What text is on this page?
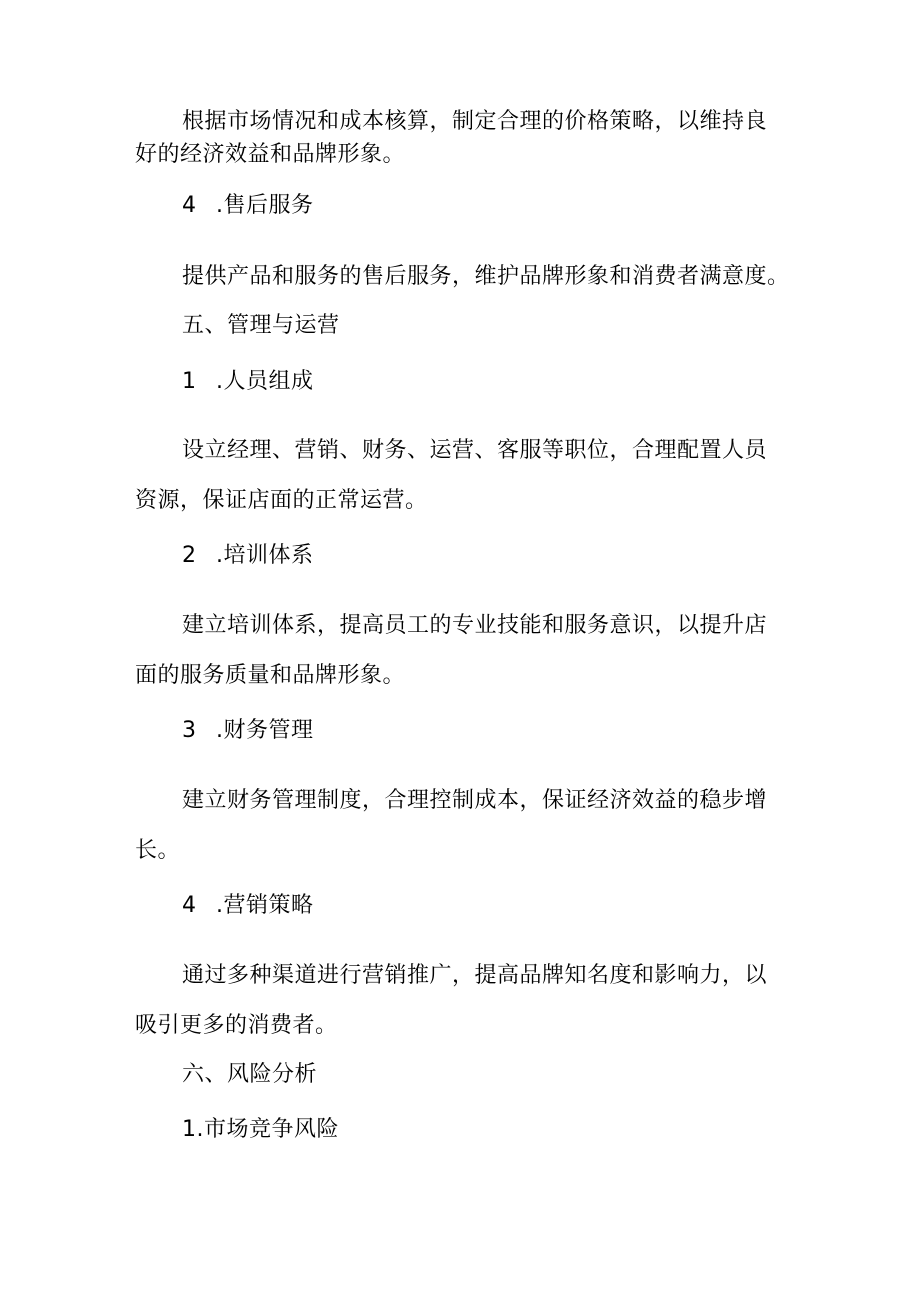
根据市场情况和成本核算，制定合理的价格策略，以维持良
好的经济效益和品牌形象。
4 .售后服务
提供产品和服务的售后服务，维护品牌形象和消费者满意度。
五、管理与运营
1 .人员组成
设立经理、营销、财务、运营、客服等职位，合理配置人员
资源，保证店面的正常运营。
2 .培训体系
建立培训体系，提高员工的专业技能和服务意识，以提升店
面的服务质量和品牌形象。
3 .财务管理
建立财务管理制度，合理控制成本，保证经济效益的稳步增
长。
4 .营销策略
通过多种渠道进行营销推广，提高品牌知名度和影响力，以
吸引更多的消费者。
六、风险分析
1.市场竞争风险
